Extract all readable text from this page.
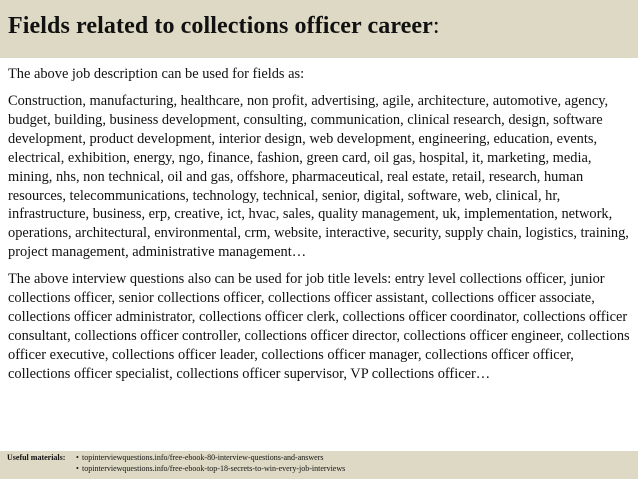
Fields related to collections officer career:

The above job description can be used for fields as:

Construction, manufacturing, healthcare, non profit, advertising, agile, architecture, automotive, agency, budget, building, business development, consulting, communication, clinical research, design, software development, product development, interior design, web development, engineering, education, events, electrical, exhibition, energy, ngo, finance, fashion, green card, oil gas, hospital, it, marketing, media, mining, nhs, non technical, oil and gas, offshore, pharmaceutical, real estate, retail, research, human resources, telecommunications, technology, technical, senior, digital, software, web, clinical, hr, infrastructure, business, erp, creative, ict, hvac, sales, quality management, uk, implementation, network, operations, architectural, environmental, crm, website, interactive, security, supply chain, logistics, training, project management, administrative management…

The above interview questions also can be used for job title levels: entry level collections officer, junior collections officer, senior collections officer, collections officer assistant, collections officer associate, collections officer administrator, collections officer clerk, collections officer coordinator, collections officer consultant, collections officer controller, collections officer director, collections officer engineer, collections officer executive, collections officer leader, collections officer manager, collections officer officer, collections officer specialist, collections officer supervisor, VP collections officer…

Useful materials: • topinterviewquestions.info/free-ebook-80-interview-questions-and-answers
• topinterviewquestions.info/free-ebook-top-18-secrets-to-win-every-job-interviews
